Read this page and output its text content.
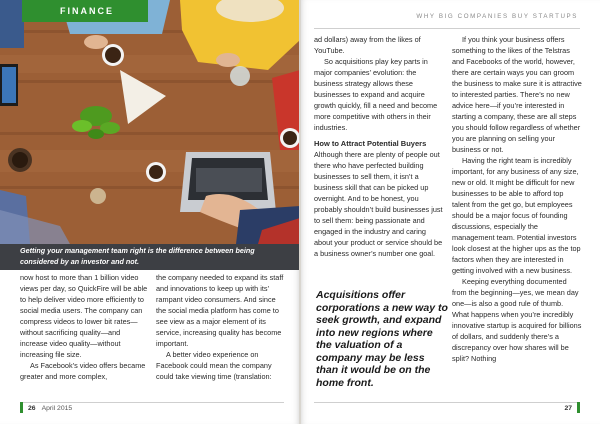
FINANCE
Getting your management team right is the difference between being considered by an investor and not.

now host to more than 1 billion video views per day, so QuickFire will be able to help deliver video more efficiently to social media users. The company can compress videos to lower bit rates—without sacrificing quality—and increase video quality—without increasing file size.

As Facebook’s video offers became greater and more complex,

the company needed to expand its staff and innovations to keep up with its’ rampant video consumers. And since the social media platform has come to see view as a major element of its service, increasing quality has become important.

A better video experience on Facebook could mean the company could take viewing time (translation:

26 April 2015
WHY BIG COMPANIES BUY STARTUPS

ad dollars) away from the likes of YouTube.

So acquisitions play key parts in major companies’ evolution: the business strategy allows these businesses to expand and acquire growth quickly, fill a need and become more competitive with others in their industries.

How to Attract Potential Buyers

Although there are plenty of people out there who have perfected building businesses to sell them, it isn’t a business skill that can be picked up overnight. And to be honest, you probably shouldn’t build businesses just to sell them: being passionate and engaged in the industry and caring about your product or service should be a business owner’s number one goal.

Acquisitions offer corporations a new way to seek growth, and expand into new regions where the valuation of a company may be less than it would be on the home front.

If you think your business offers something to the likes of the Telstras and Facebooks of the world, however, there are certain ways you can groom the business to make sure it is attractive to interested parties. There’s no new advice here—if you’re interested in starting a company, these are all steps you should follow regardless of whether you are planning on selling your business or not.

Having the right team is incredibly important, for any business of any size, new or old. It might be difficult for new businesses to be able to afford top talent from the get go, but employees should be a major focus of founding discussions, especially the management team. Potential investors look closest at the higher ups as the top factors when they are interested in getting involved with a new business.

Keeping everything documented from the beginning—yes, we mean day one—is also a good rule of thumb. What happens when you’re incredibly innovative startup is acquired for billions of dollars, and suddenly there’s a discrepancy over how shares will be split? Nothing

27
